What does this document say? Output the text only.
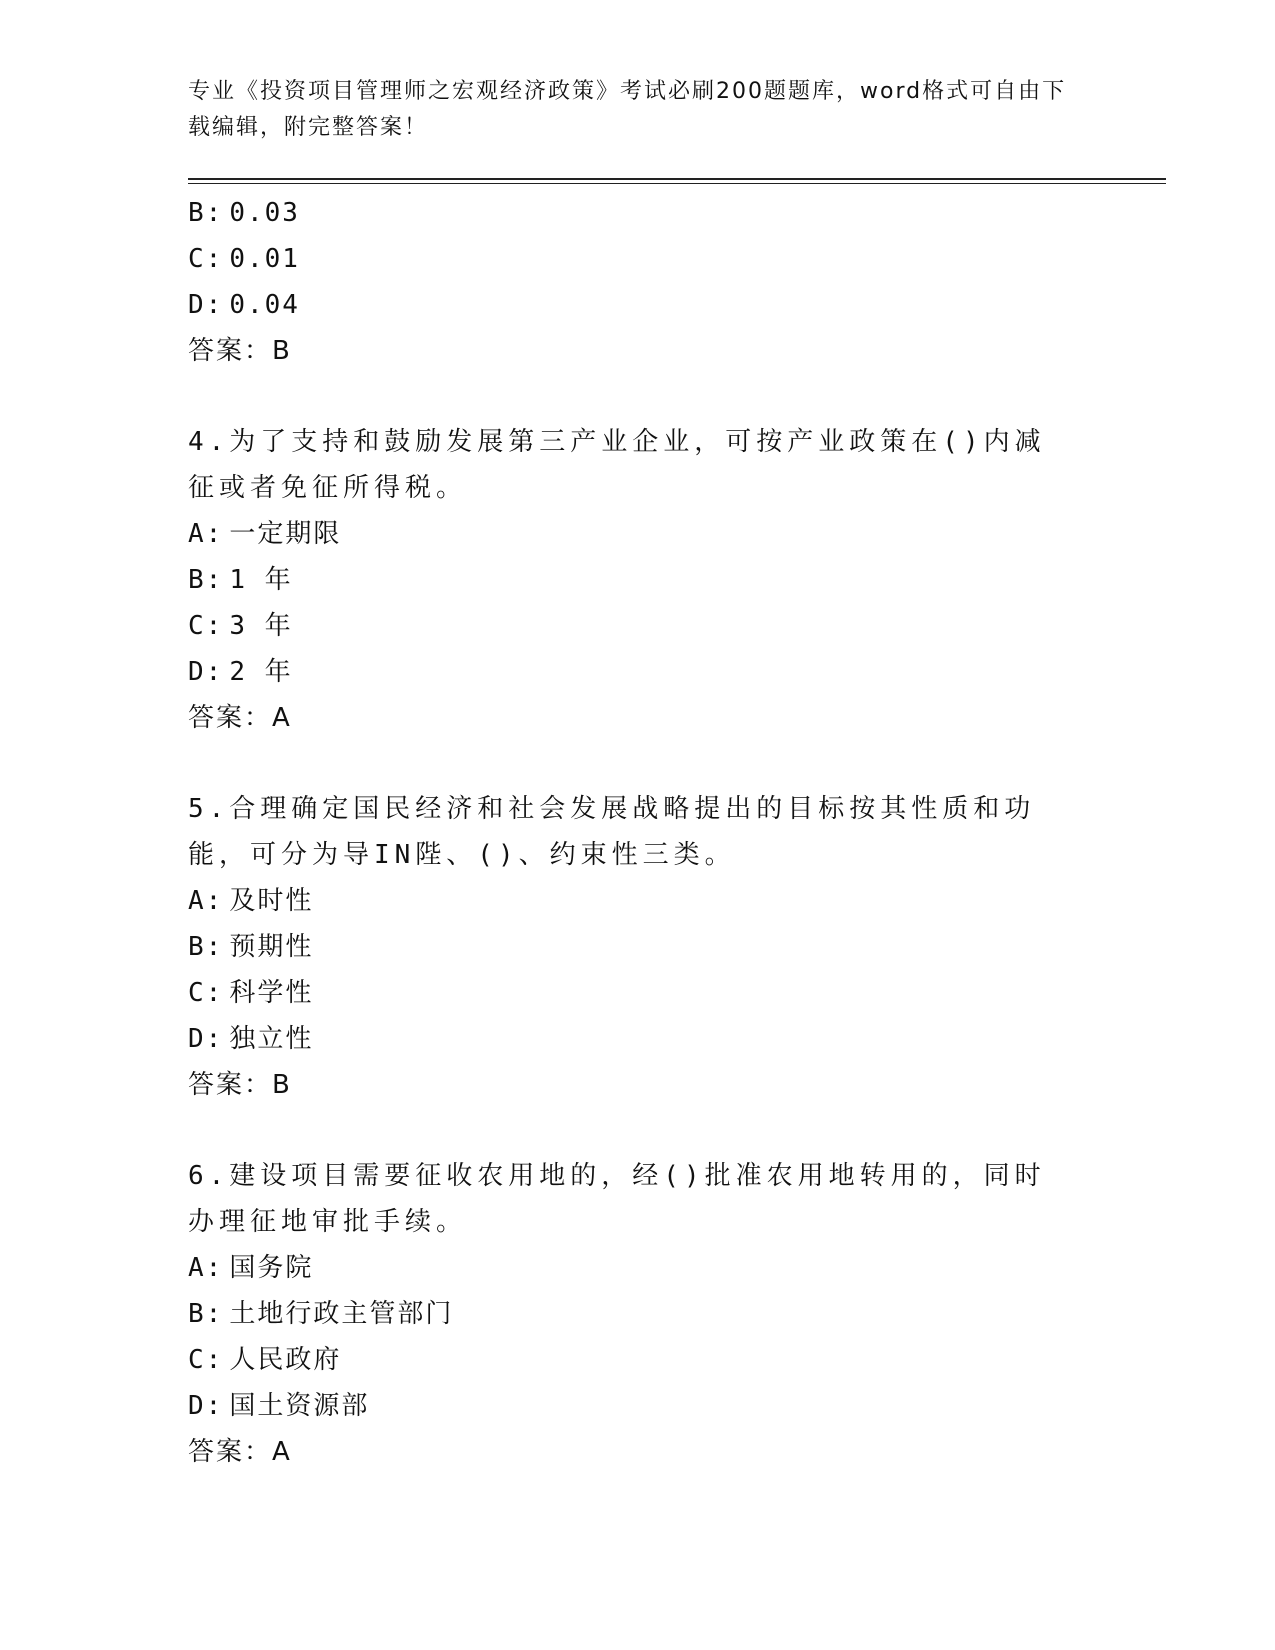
专业《投资项目管理师之宏观经济政策》考试必刷200题题库，word格式可自由下载编辑，附完整答案！
B: 0.03
C: 0.01
D: 0.04
答案：B
4.为了支持和鼓励发展第三产业企业，可按产业政策在()内减征或者免征所得税。
A: 一定期限
B: 1 年
C: 3 年
D: 2 年
答案：A
5.合理确定国民经济和社会发展战略提出的目标按其性质和功能，可分为导IN陛、()、约束性三类。
A: 及时性
B: 预期性
C: 科学性
D: 独立性
答案：B
6.建设项目需要征收农用地的，经()批准农用地转用的，同时办理征地审批手续。
A: 国务院
B: 土地行政主管部门
C: 人民政府
D: 国土资源部
答案：A
